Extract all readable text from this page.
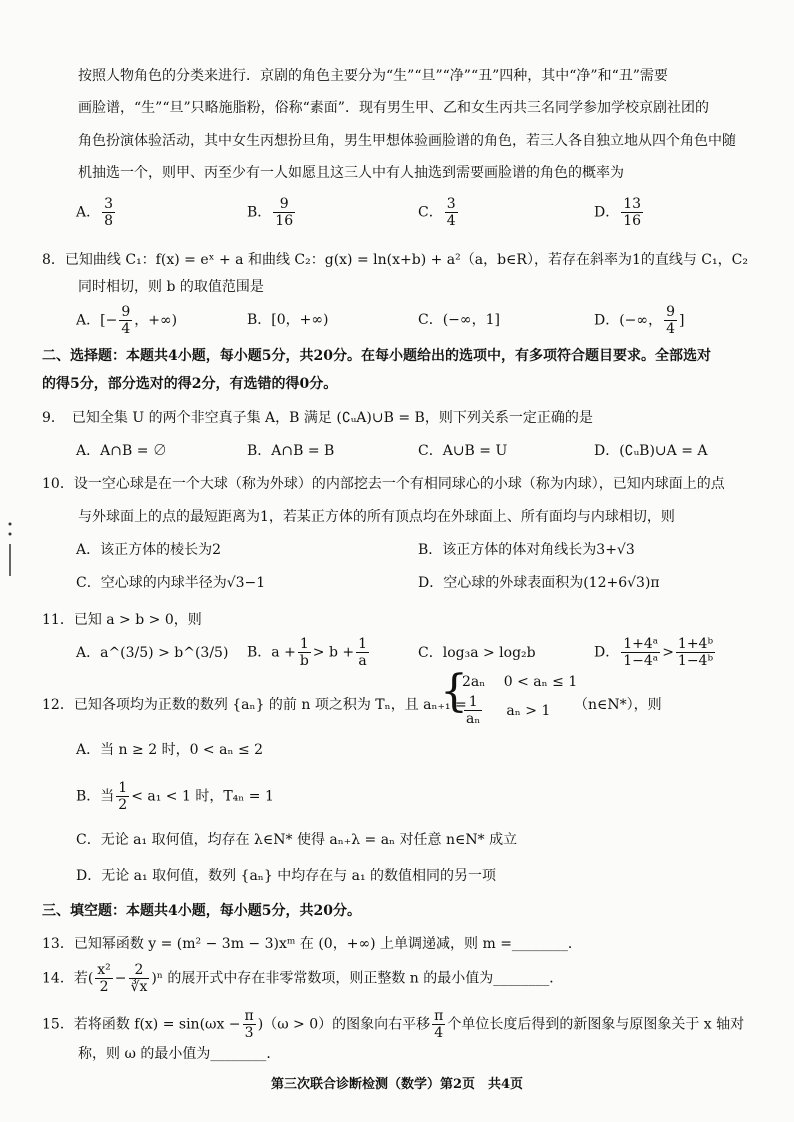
按照人物角色的分类来进行．京剧的角色主要分为“生”“旦”“净”“丑”四种，其中“净”和“丑”需要
画脸谱，“生”“旦”只略施脂粉，俗称“素面”．现有男生甲、乙和女生丙共三名同学参加学校京剧社团的
角色扮演体验活动，其中女生丙想扮旦角，男生甲想体验画脸谱的角色，若三人各自独立地从四个角色中随
机抽选一个，则甲、丙至少有一人如愿且这三人中有人抽选到需要画脸谱的角色的概率为
A． $\frac{3}{8}$	B． $\frac{9}{16}$	C． $\frac{3}{4}$	D． $\frac{13}{16}$
8．已知曲线 C₁：f(x) = eˣ + a 和曲线 C₂：g(x) = ln(x+b) + a²（a，b∈R），若存在斜率为1的直线与 C₁，C₂
同时相切，则 b 的取值范围是
A．[− $\frac{9}{4}$ ，+∞)	B．[0，+∞)	C．(−∞，1]	D．(−∞， $\frac{9}{4}$ ]
二、选择题：本题共4小题，每小题5分，共20分。在每小题给出的选项中，有多项符合题目要求。全部选对
的得5分，部分选对的得2分，有选错的得0分。
9．　已知全集 U 的两个非空真子集 A，B 满足 (∁ᵤA)∪B = B，则下列关系一定正确的是
A．A∩B = ∅	B．A∩B = B	C．A∪B = U	D．(∁ᵤB)∪A = A
10．设一空心球是在一个大球（称为外球）的内部挖去一个有相同球心的小球（称为内球），已知内球面上的点
与外球面上的点的最短距离为1，若某正方体的所有顶点均在外球面上、所有面均与内球相切，则
A．该正方体的棱长为2	B．该正方体的体对角线长为3+√3
C．空心球的内球半径为√3−1	D．空心球的外球表面积为(12+6√3)π
11．已知 a > b > 0，则
A．a^(3/5) > b^(3/5) B．$a + \frac{1}{b} > b + \frac{1}{a}$	C．log₃a > log₂b	D． $\frac{\text{1+4ᵃ}}{\text{1−4ᵃ}} > \frac{\text{1+4ᵇ}}{\text{1−4ᵇ}}$
12．已知各项均为正数的数列 {aₙ} 的前 n 项之积为 Tₙ，且 aₙ₊₁ =
{
2aₙ　 0 < aₙ ≤ 1
$\frac{1}{\text{aₙ}}$ aₙ > 1 （n∈N*），则
A．当 n ≥ 2 时，0 < aₙ ≤ 2
B．当 $\frac{1}{2} < a_1 < 1$ 时，T₄ₙ = 1
C．无论 a₁ 取何值，均存在 λ∈N* 使得 aₙ₊λ = aₙ 对任意 n∈N* 成立
D．无论 a₁ 取何值，数列 {aₙ} 中均存在与 a₁ 的数值相同的另一项
三、填空题：本题共4小题，每小题5分，共20分。
13．已知幂函数 y = (m² − 3m − 3)xᵐ 在 (0，+∞) 上单调递减，则 m =________．
14．若( $\frac{\text{x²}}{2} - \frac{2}{∛x} )^n$ 的展开式中存在非零常数项，则正整数 n 的最小值为________．
15．若将函数 $f(x) = \sin(\omega x - \frac{\pi}{3} )(\omega > 0)$的图象向右平移 $\frac{\pi}{4}$ 个单位长度后得到的新图象与原图象关于 x 轴对
称，则 ω 的最小值为________．
第三次联合诊断检测（数学）第2页　共4页
